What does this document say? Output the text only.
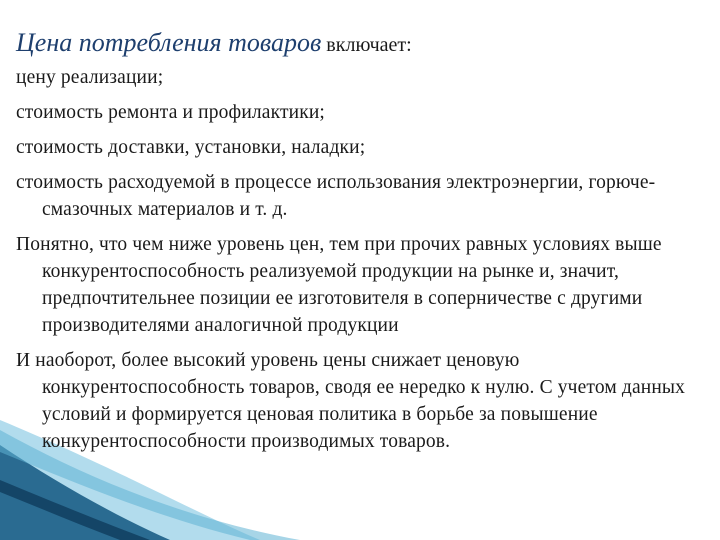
Цена потребления товаров включает:

цену реализации;

стоимость ремонта и профилактики;

стоимость доставки, установки, наладки;

стоимость расходуемой в процессе использования электроэнергии, горюче-смазочных материалов и т. д.

Понятно, что чем ниже уровень цен, тем при прочих равных условиях выше конкурентоспособность реализуемой продукции на рынке и, значит, предпочтительнее позиции ее изготовителя в соперничестве с другими производителями аналогичной продукции

И наоборот, более высокий уровень цены снижает ценовую конкурентоспособность товаров, сводя ее нередко к нулю. С учетом данных условий и формируется ценовая политика в борьбе за повышение конкурентоспособности производимых товаров.
